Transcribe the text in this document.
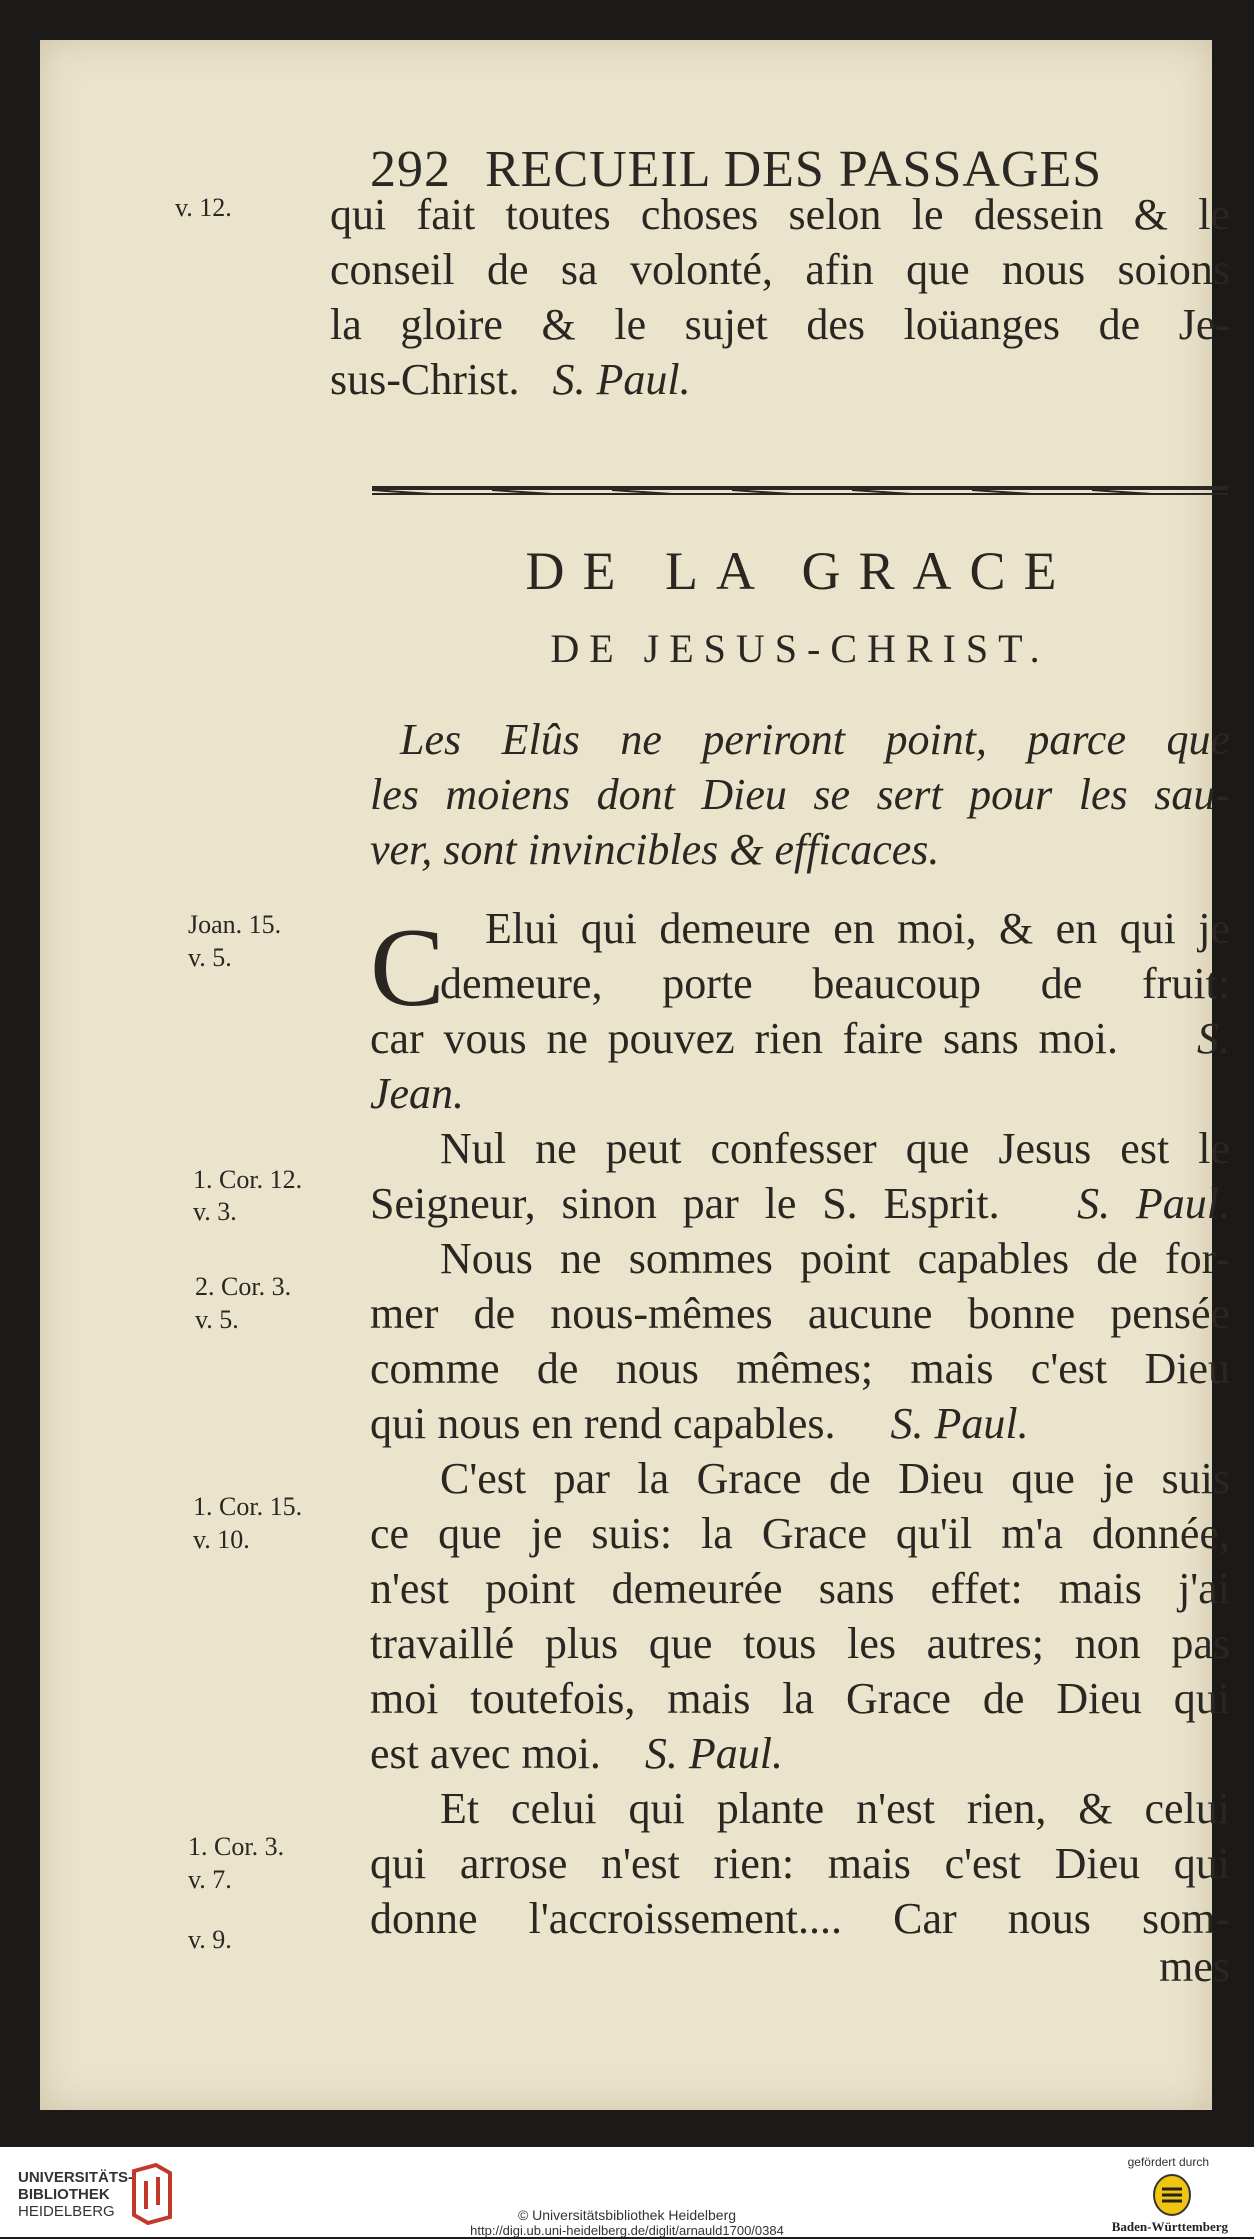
292 RECUEIL DES PASSAGES
v. 12. qui fait toutes choses selon le dessein & le
conseil de sa volonté, afin que nous soions
la gloire & le sujet des loüanges de Je-
sus-Christ. S. Paul.
DE LA GRACE
DE JESUS-CHRIST.
Les Elûs ne periront point, parce que
les moiens dont Dieu se sert pour les sau-
ver, sont invincibles & efficaces.
C
Joan. 15.
v. 5.
Elui qui demeure en moi, & en qui je
demeure, porte beaucoup de fruit:
car vous ne pouvez rien faire sans moi. S.
Jean.
Nul ne peut confesser que Jesus est le
1. Cor. 12.
v. 3.	Seigneur, sinon par le S. Esprit. S. Paul.
Nous ne sommes point capables de for-
2. Cor. 3.
v. 5.	mer de nous-mêmes aucune bonne pensée
comme de nous mêmes; mais c'est Dieu
qui nous en rend capables. S. Paul.
C'est par la Grace de Dieu que je suis
1. Cor. 15.
v. 10.	ce que je suis: la Grace qu'il m'a donnée,
n'est point demeurée sans effet: mais j'ai
travaillé plus que tous les autres; non pas
moi toutefois, mais la Grace de Dieu qui
est avec moi. S. Paul.
Et celui qui plante n'est rien, & celui
1. Cor. 3.
v. 7.	qui arrose n'est rien: mais c'est Dieu qui
donne l'accroissement.... Car nous som-
v. 9.
mes
UNIVERSITÄTS-
BIBLIOTHEK
HEIDELBERG	© Universitätsbibliothek Heidelberg
http://digi.ub.uni-heidelberg.de/diglit/arnauld1700/0384
gefördert durch
Baden-Württemberg
